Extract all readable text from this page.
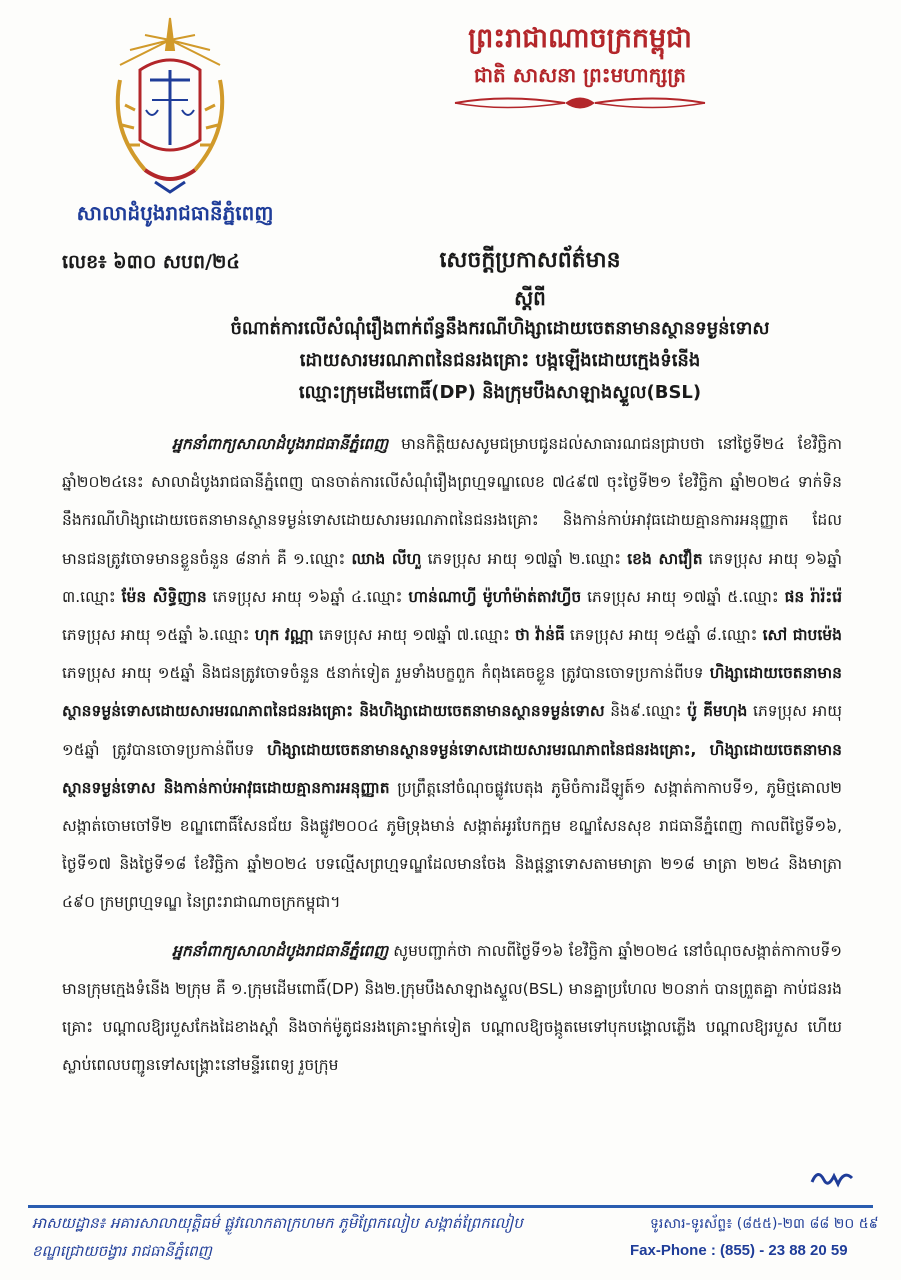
សាលាដំបូងរាជធានីភ្នំពេញ
ព្រះរាជាណាចក្រកម្ពុជា
ជាតិ សាសនា ព្រះមហាក្សត្រ
លេខ៖ ៦៣០ សបព/២៤	សេចក្តីប្រកាសព័ត៌មាន
ស្តីពី
ចំណាត់ការលើសំណុំរឿងពាក់ព័ន្ធនឹងករណីហិង្សាដោយចេតនាមានស្ថានទម្ងន់ទោស
ដោយសារមរណភាពនៃជនរងគ្រោះ បង្កឡើងដោយក្មេងទំនើង
ឈ្មោះក្រុមដើមពោធិ៍(DP) និងក្រុមបឹងសាឡាងស្ទួល(BSL)

អ្នកនាំពាក្យសាលាដំបូងរាជធានីភ្នំពេញ មានកិត្តិយសសូមជម្រាបជូនដល់សាធារណជនជ្រាបថា នៅថ្ងៃទី២៤ ខែវិច្ឆិកា ឆ្នាំ២០២៤នេះ សាលាដំបូងរាជធានីភ្នំពេញ បានចាត់ការលើសំណុំរឿងព្រហ្មទណ្ឌលេខ ៧៤៩៧ ចុះថ្ងៃទី២១ ខែវិច្ឆិកា ឆ្នាំ២០២៤ ទាក់ទិននឹងករណីហិង្សាដោយចេតនាមានស្ថានទម្ងន់ទោសដោយសារមរណភាពនៃជនរងគ្រោះ និងកាន់កាប់អាវុធដោយគ្មានការអនុញ្ញាត ដែលមានជនត្រូវចោទមានខ្លួនចំនួន ៨នាក់ គឺ ១.ឈ្មោះ ឈាង លីហួ ភេទប្រុស អាយុ ១៧ឆ្នាំ ២.ឈ្មោះ ខេង សាវឿត ភេទប្រុស អាយុ ១៦ឆ្នាំ ៣.ឈ្មោះ ម៉ែន សិទ្ធិញាន ភេទប្រុស អាយុ ១៦ឆ្នាំ ៤.ឈ្មោះ ហាន់ណាហ្វី ម៉ូហាំម៉ាត់តាវហ្វីច ភេទប្រុស អាយុ ១៧ឆ្នាំ ៥.ឈ្មោះ ផន រ៉ារ៉ះរ៉េ ភេទប្រុស អាយុ ១៥ឆ្នាំ ៦.ឈ្មោះ ហុក វណ្ណា ភេទប្រុស អាយុ ១៧ឆ្នាំ ៧.ឈ្មោះ ថា វ៉ាន់ធី ភេទប្រុស អាយុ ១៥ឆ្នាំ ៨.ឈ្មោះ សៅ ជាបម៉េង ភេទប្រុស អាយុ ១៥ឆ្នាំ និងជនត្រូវចោទចំនួន ៥នាក់ទៀត រួមទាំងបក្ខពួក កំពុងគេចខ្លួន ត្រូវបានចោទប្រកាន់ពីបទ ហិង្សាដោយចេតនាមានស្ថានទម្ងន់ទោសដោយសារមរណភាពនៃជនរងគ្រោះ និងហិង្សាដោយចេតនាមានស្ថានទម្ងន់ទោស និង៩.ឈ្មោះ ប៉ូ គីមហុង ភេទប្រុស អាយុ ១៥ឆ្នាំ ត្រូវបានចោទប្រកាន់ពីបទ ហិង្សាដោយចេតនាមានស្ថានទម្ងន់ទោសដោយសារមរណភាពនៃជនរងគ្រោះ, ហិង្សាដោយចេតនាមានស្ថានទម្ងន់ទោស និងកាន់កាប់អាវុធដោយគ្មានការអនុញ្ញាត ប្រព្រឹត្តនៅចំណុចផ្លូវបេតុង ភូមិចំការដីឡូត៍១ សង្កាត់កាកាបទី១, ភូមិថ្មគោល២ សង្កាត់ចោមចៅទី២ ខណ្ឌពោធិ៍សែនជ័យ និងផ្លូវ២០០៤ ភូមិទ្រុងមាន់ សង្កាត់អូរបែកក្អម ខណ្ឌសែនសុខ រាជធានីភ្នំពេញ កាលពីថ្ងៃទី១៦, ថ្ងៃទី១៧ និងថ្ងៃទី១៨ ខែវិច្ឆិកា ឆ្នាំ២០២៤ បទល្មើសព្រហ្មទណ្ឌដែលមានចែង និងផ្តន្ទាទោសតាមមាត្រា ២១៨ មាត្រា ២២៤ និងមាត្រា ៤៩០ ក្រមព្រហ្មទណ្ឌ នៃព្រះរាជាណាចក្រកម្ពុជា។

អ្នកនាំពាក្យសាលាដំបូងរាជធានីភ្នំពេញ សូមបញ្ជាក់ថា កាលពីថ្ងៃទី១៦ ខែវិច្ឆិកា ឆ្នាំ២០២៤ នៅចំណុចសង្កាត់កាកាបទី១ មានក្រុមក្មេងទំនើង ២ក្រុម គឺ ១.ក្រុមដើមពោធិ៍(DP) និង២.ក្រុមបឹងសាឡាងស្ទួល(BSL) មានគ្នាប្រហែល ២០នាក់ បានព្រួតគ្នា កាប់ជនរងគ្រោះ បណ្តាលឱ្យរបួសកែងដៃខាងស្តាំ និងចាក់ម៉ូតូជនរងគ្រោះម្នាក់ទៀត បណ្តាលឱ្យចង្កូតមេទៅបុកបង្គោលភ្លើង បណ្តាលឱ្យរបួស ហើយស្លាប់ពេលបញ្ជូនទៅសង្គ្រោះនៅមន្ទីរពេទ្យ រួចក្រុម

អាសយដ្ឋាន៖ អគារសាលាយុត្តិធម៌ ផ្លូវលោកតាក្រហមក ភូមិព្រែកលៀប សង្កាត់ព្រែកលៀប
ខណ្ឌជ្រោយចង្វារ រាជធានីភ្នំពេញ
ទូរសារ-ទូរស័ព្ទ៖ (៨៥៥)-២៣ ៨៨ ២០ ៥៩
Fax-Phone : (855) - 23 88 20 59
